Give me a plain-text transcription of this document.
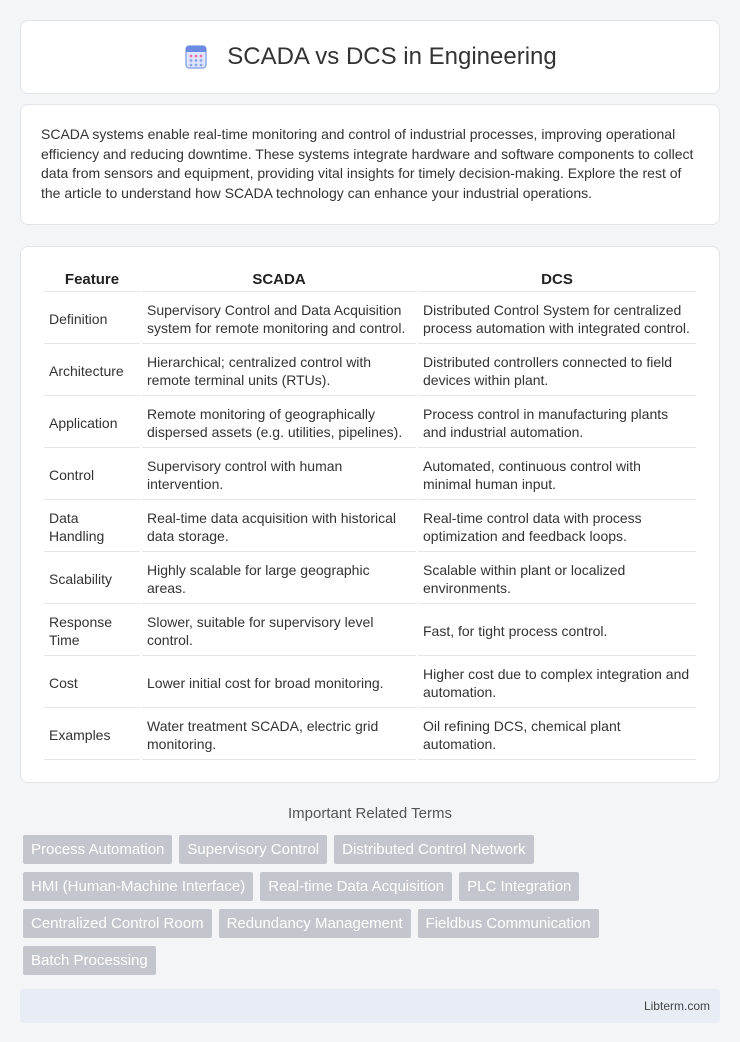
SCADA vs DCS in Engineering

SCADA systems enable real-time monitoring and control of industrial processes, improving operational efficiency and reducing downtime. These systems integrate hardware and software components to collect data from sensors and equipment, providing vital insights for timely decision-making. Explore the rest of the article to understand how SCADA technology can enhance your industrial operations.

Feature	SCADA	DCS
Definition	Supervisory Control and Data Acquisition system for remote monitoring and control.	Distributed Control System for centralized process automation with integrated control.
Architecture	Hierarchical; centralized control with remote terminal units (RTUs).	Distributed controllers connected to field devices within plant.
Application	Remote monitoring of geographically dispersed assets (e.g. utilities, pipelines).	Process control in manufacturing plants and industrial automation.
Control	Supervisory control with human intervention.	Automated, continuous control with minimal human input.
Data Handling	Real-time data acquisition with historical data storage.	Real-time control data with process optimization and feedback loops.
Scalability	Highly scalable for large geographic areas.	Scalable within plant or localized environments.
Response Time	Slower, suitable for supervisory level control.	Fast, for tight process control.
Cost	Lower initial cost for broad monitoring.	Higher cost due to complex integration and automation.
Examples	Water treatment SCADA, electric grid monitoring.	Oil refining DCS, chemical plant automation.
Important Related Terms
Process Automation	Supervisory Control	Distributed Control Network
HMI (Human-Machine Interface)	Real-time Data Acquisition	PLC Integration
Centralized Control Room	Redundancy Management	Fieldbus Communication
Batch Processing
Libterm.com
